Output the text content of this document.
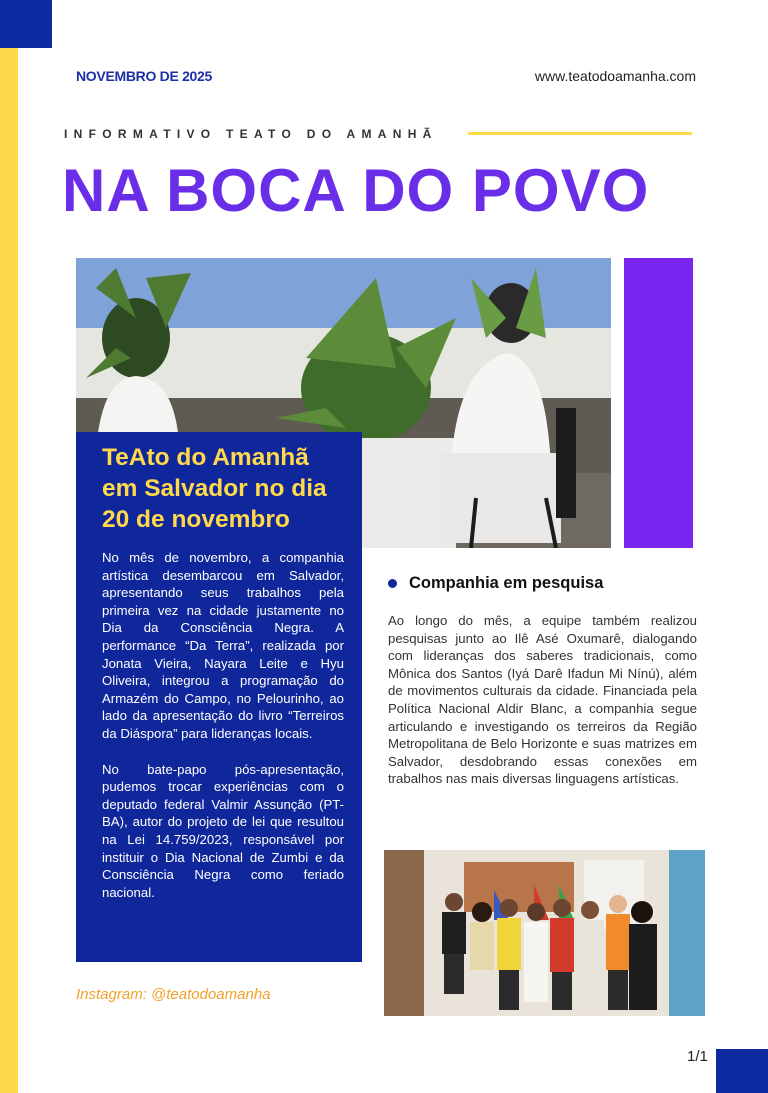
NOVEMBRO DE 2025	www.teatodoamanha.com
INFORMATIVO TEATO DO AMANHÃ
NA BOCA DO POVO
TeAto do Amanhã em Salvador no dia 20 de novembro

No mês de novembro, a companhia artística desembarcou em Salvador, apresentando seus trabalhos pela primeira vez na cidade justamente no Dia da Consciência Negra. A performance “Da Terra”, realizada por Jonata Vieira, Nayara Leite e Hyu Oliveira, integrou a programação do Armazém do Campo, no Pelourinho, ao lado da apresentação do livro “Terreiros da Diáspora” para lideranças locais.

No bate-papo pós-apresentação, pudemos trocar experiências com o deputado federal Valmir Assunção (PT-BA), autor do projeto de lei que resultou na Lei 14.759/2023, responsável por instituir o Dia Nacional de Zumbi e da Consciência Negra como feriado nacional.

Companhia em pesquisa

Ao longo do mês, a equipe também realizou pesquisas junto ao Ilê Asé Oxumarê, dialogando com lideranças dos saberes tradicionais, como Mônica dos Santos (Iyá Darê Ifadun Mi Nínú), além de movimentos culturais da cidade. Financiada pela Política Nacional Aldir Blanc, a companhia segue articulando e investigando os terreiros da Região Metropolitana de Belo Horizonte e suas matrizes em Salvador, desdobrando essas conexões em trabalhos nas mais diversas linguagens artísticas.

Instagram: @teatodoamanha
1/1
